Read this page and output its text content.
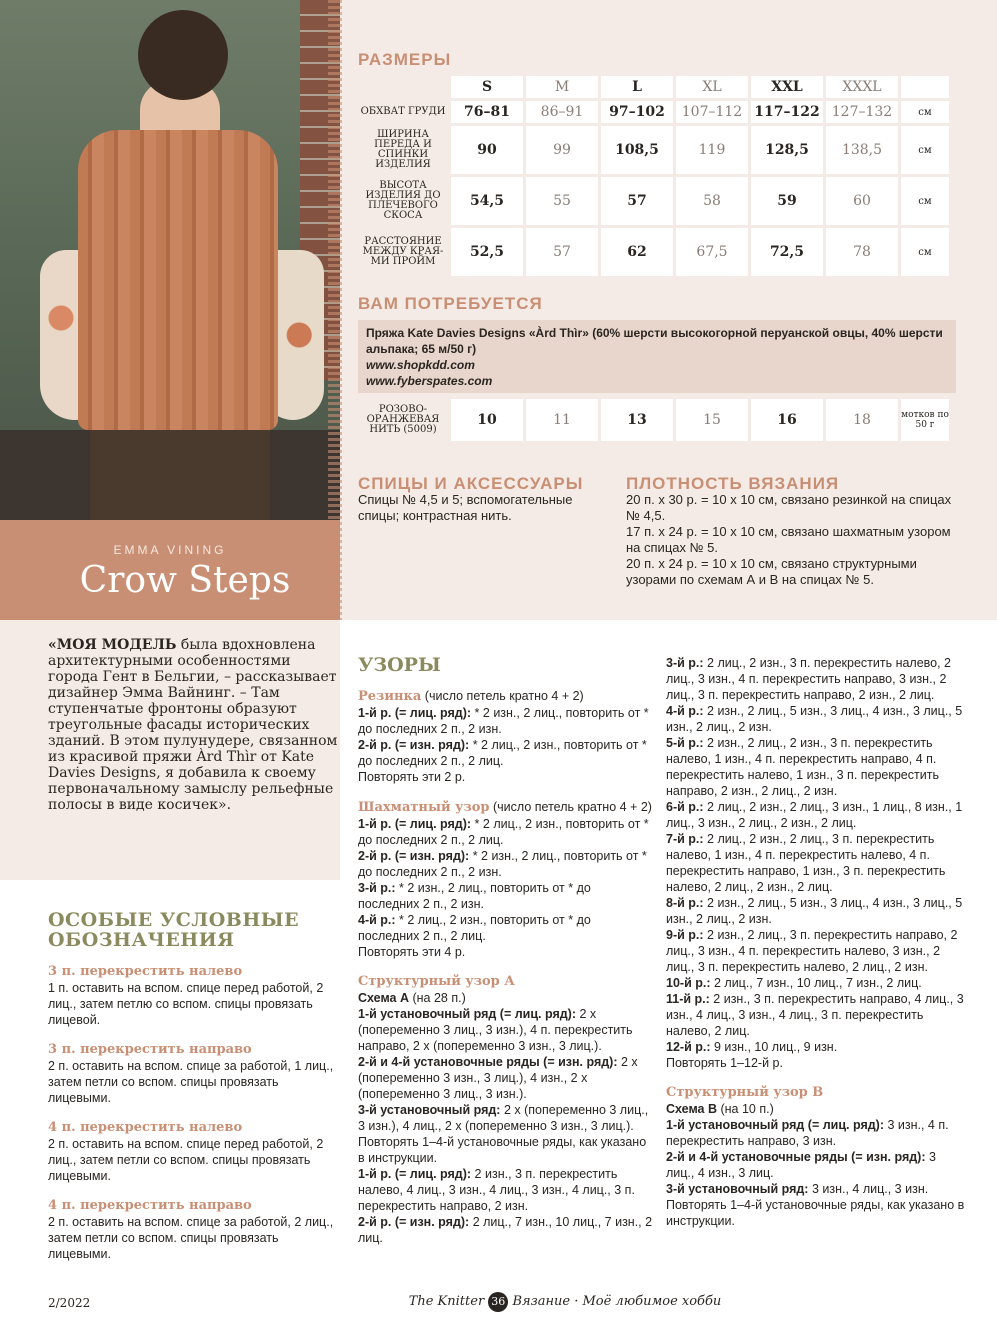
EMMA VINING
Crow Steps
РАЗМЕРЫ
	S	M	L	XL	XXL	XXXL	
ОБХВАТ ГРУДИ	76–81	86–91	97–102	107–112	117–122	127–132	см
ШИРИНА ПЕРЕДА И СПИНКИ ИЗДЕЛИЯ	90	99	108,5	119	128,5	138,5	см
ВЫСОТА ИЗДЕЛИЯ ДО ПЛЕЧЕВОГО СКОСА	54,5	55	57	58	59	60	см
РАССТОЯНИЕ МЕЖДУ КРАЯ-МИ ПРОЙМ	52,5	57	62	67,5	72,5	78	см
ВАМ ПОТРЕБУЕТСЯ
Пряжа Kate Davies Designs «Àrd Thìr» (60% шерсти высокогорной перуанской овцы, 40% шерсти альпака; 65 м/50 г)
www.shopkdd.com
www.fyberspates.com
РОЗОВО-ОРАНЖЕВАЯ НИТЬ (5009)	10	11	13	15	16	18	мотков по 50 г
СПИЦЫ И АКСЕССУАРЫ
Спицы № 4,5 и 5; вспомогательные спицы; контрастная нить.
ПЛОТНОСТЬ ВЯЗАНИЯ

20 п. х 30 р. = 10 х 10 см, связано резинкой на спицах № 4,5.

17 п. х 24 р. = 10 х 10 см, связано шахматным узором на спицах № 5.

20 п. х 24 р. = 10 х 10 см, связано структурными узорами по схемам А и В на спицах № 5.

«МОЯ МОДЕЛЬ была вдохновлена архитектурными особенностями города Гент в Бельгии, – рассказывает дизайнер Эмма Вайнинг. – Там ступенчатые фронтоны образуют треугольные фасады исторических зданий. В этом пулунудере, связанном из красивой пряжи Àrd Thìr от Kate Davies Designs, я добавила к своему первоначальному замыслу рельефные полосы в виде косичек».
ОСОБЫЕ УСЛОВНЫЕ ОБОЗНАЧЕНИЯ

3 п. перекрестить налево

1 п. оставить на вспом. спице перед работой, 2 лиц., затем петлю со вспом. спицы провязать лицевой.

3 п. перекрестить направо

2 п. оставить на вспом. спице за работой, 1 лиц., затем петли со вспом. спицы провязать лицевыми.

4 п. перекрестить налево

2 п. оставить на вспом. спице перед работой, 2 лиц., затем петли со вспом. спицы провязать лицевыми.

4 п. перекрестить направо

2 п. оставить на вспом. спице за работой, 2 лиц., затем петли со вспом. спицы провязать лицевыми.

УЗОРЫ

Резинка (число петель кратно 4 + 2)

1-й р. (= лиц. ряд): * 2 изн., 2 лиц., повторить от * до последних 2 п., 2 изн.

2-й р. (= изн. ряд): * 2 лиц., 2 изн., повторить от * до последних 2 п., 2 лиц.

Повторять эти 2 р.

Шахматный узор (число петель кратно 4 + 2)

1-й р. (= лиц. ряд): * 2 лиц., 2 изн., повторить от * до последних 2 п., 2 лиц.

2-й р. (= изн. ряд): * 2 изн., 2 лиц., повторить от * до последних 2 п., 2 изн.

3-й р.: * 2 изн., 2 лиц., повторить от * до последних 2 п., 2 изн.

4-й р.: * 2 лиц., 2 изн., повторить от * до последних 2 п., 2 лиц.

Повторять эти 4 р.

Структурный узор А

Схема А (на 28 п.)

1-й установочный ряд (= лиц. ряд): 2 х (попеременно 3 лиц., 3 изн.), 4 п. перекрестить направо, 2 х (попеременно 3 изн., 3 лиц.).

2-й и 4-й установочные ряды (= изн. ряд): 2 х (попеременно 3 изн., 3 лиц.), 4 изн., 2 х (попеременно 3 лиц., 3 изн.).

3-й установочный ряд: 2 х (попеременно 3 лиц., 3 изн.), 4 лиц., 2 х (попеременно 3 изн., 3 лиц.).

Повторять 1–4-й установочные ряды, как указано в инструкции.

1-й р. (= лиц. ряд): 2 изн., 3 п. перекрестить налево, 4 лиц., 3 изн., 4 лиц., 3 изн., 4 лиц., 3 п. перекрестить направо, 2 изн.

2-й р. (= изн. ряд): 2 лиц., 7 изн., 10 лиц., 7 изн., 2 лиц.

3-й р.: 2 лиц., 2 изн., 3 п. перекрестить налево, 2 лиц., 3 изн., 4 п. перекрестить направо, 3 изн., 2 лиц., 3 п. перекрестить направо, 2 изн., 2 лиц.

4-й р.: 2 изн., 2 лиц., 5 изн., 3 лиц., 4 изн., 3 лиц., 5 изн., 2 лиц., 2 изн.

5-й р.: 2 изн., 2 лиц., 2 изн., 3 п. перекрестить налево, 1 изн., 4 п. перекрестить направо, 4 п. перекрестить налево, 1 изн., 3 п. перекрестить направо, 2 изн., 2 лиц., 2 изн.

6-й р.: 2 лиц., 2 изн., 2 лиц., 3 изн., 1 лиц., 8 изн., 1 лиц., 3 изн., 2 лиц., 2 изн., 2 лиц.

7-й р.: 2 лиц., 2 изн., 2 лиц., 3 п. перекрестить налево, 1 изн., 4 п. перекрестить налево, 4 п. перекрестить направо, 1 изн., 3 п. перекрестить налево, 2 лиц., 2 изн., 2 лиц.

8-й р.: 2 изн., 2 лиц., 5 изн., 3 лиц., 4 изн., 3 лиц., 5 изн., 2 лиц., 2 изн.

9-й р.: 2 изн., 2 лиц., 3 п. перекрестить направо, 2 лиц., 3 изн., 4 п. перекрестить налево, 3 изн., 2 лиц., 3 п. перекрестить налево, 2 лиц., 2 изн.

10-й р.: 2 лиц., 7 изн., 10 лиц., 7 изн., 2 лиц.

11-й р.: 2 изн., 3 п. перекрестить направо, 4 лиц., 3 изн., 4 лиц., 3 изн., 4 лиц., 3 п. перекрестить налево, 2 лиц.

12-й р.: 9 изн., 10 лиц., 9 изн.

Повторять 1–12-й р.

Структурный узор В

Схема В (на 10 п.)

1-й установочный ряд (= лиц. ряд): 3 изн., 4 п. перекрестить направо, 3 изн.

2-й и 4-й установочные ряды (= изн. ряд): 3 лиц., 4 изн., 3 лиц.

3-й установочный ряд: 3 изн., 4 лиц., 3 изн.

Повторять 1–4-й установочные ряды, как указано в инструкции.

2/2022	The Knitter 36 Вязание · Моё любимое хобби
